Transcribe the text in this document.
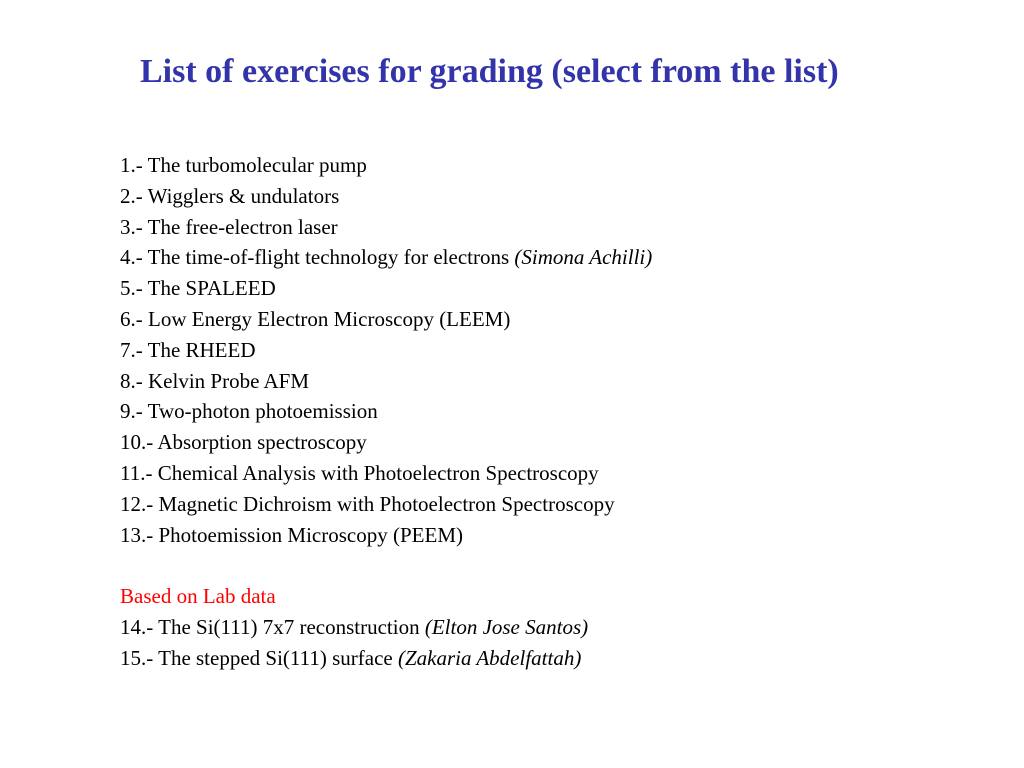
List of exercises for grading (select from the list)
1.- The turbomolecular pump
2.- Wigglers & undulators
3.- The free-electron laser
4.- The time-of-flight technology for electrons (Simona Achilli)
5.- The SPALEED
6.- Low Energy Electron Microscopy (LEEM)
7.- The RHEED
8.- Kelvin Probe AFM
9.- Two-photon photoemission
10.- Absorption spectroscopy
11.- Chemical Analysis with Photoelectron Spectroscopy
12.- Magnetic Dichroism with Photoelectron Spectroscopy
13.- Photoemission Microscopy (PEEM)
Based on Lab data
14.- The Si(111) 7x7 reconstruction (Elton Jose Santos)
15.- The stepped Si(111) surface (Zakaria Abdelfattah)
